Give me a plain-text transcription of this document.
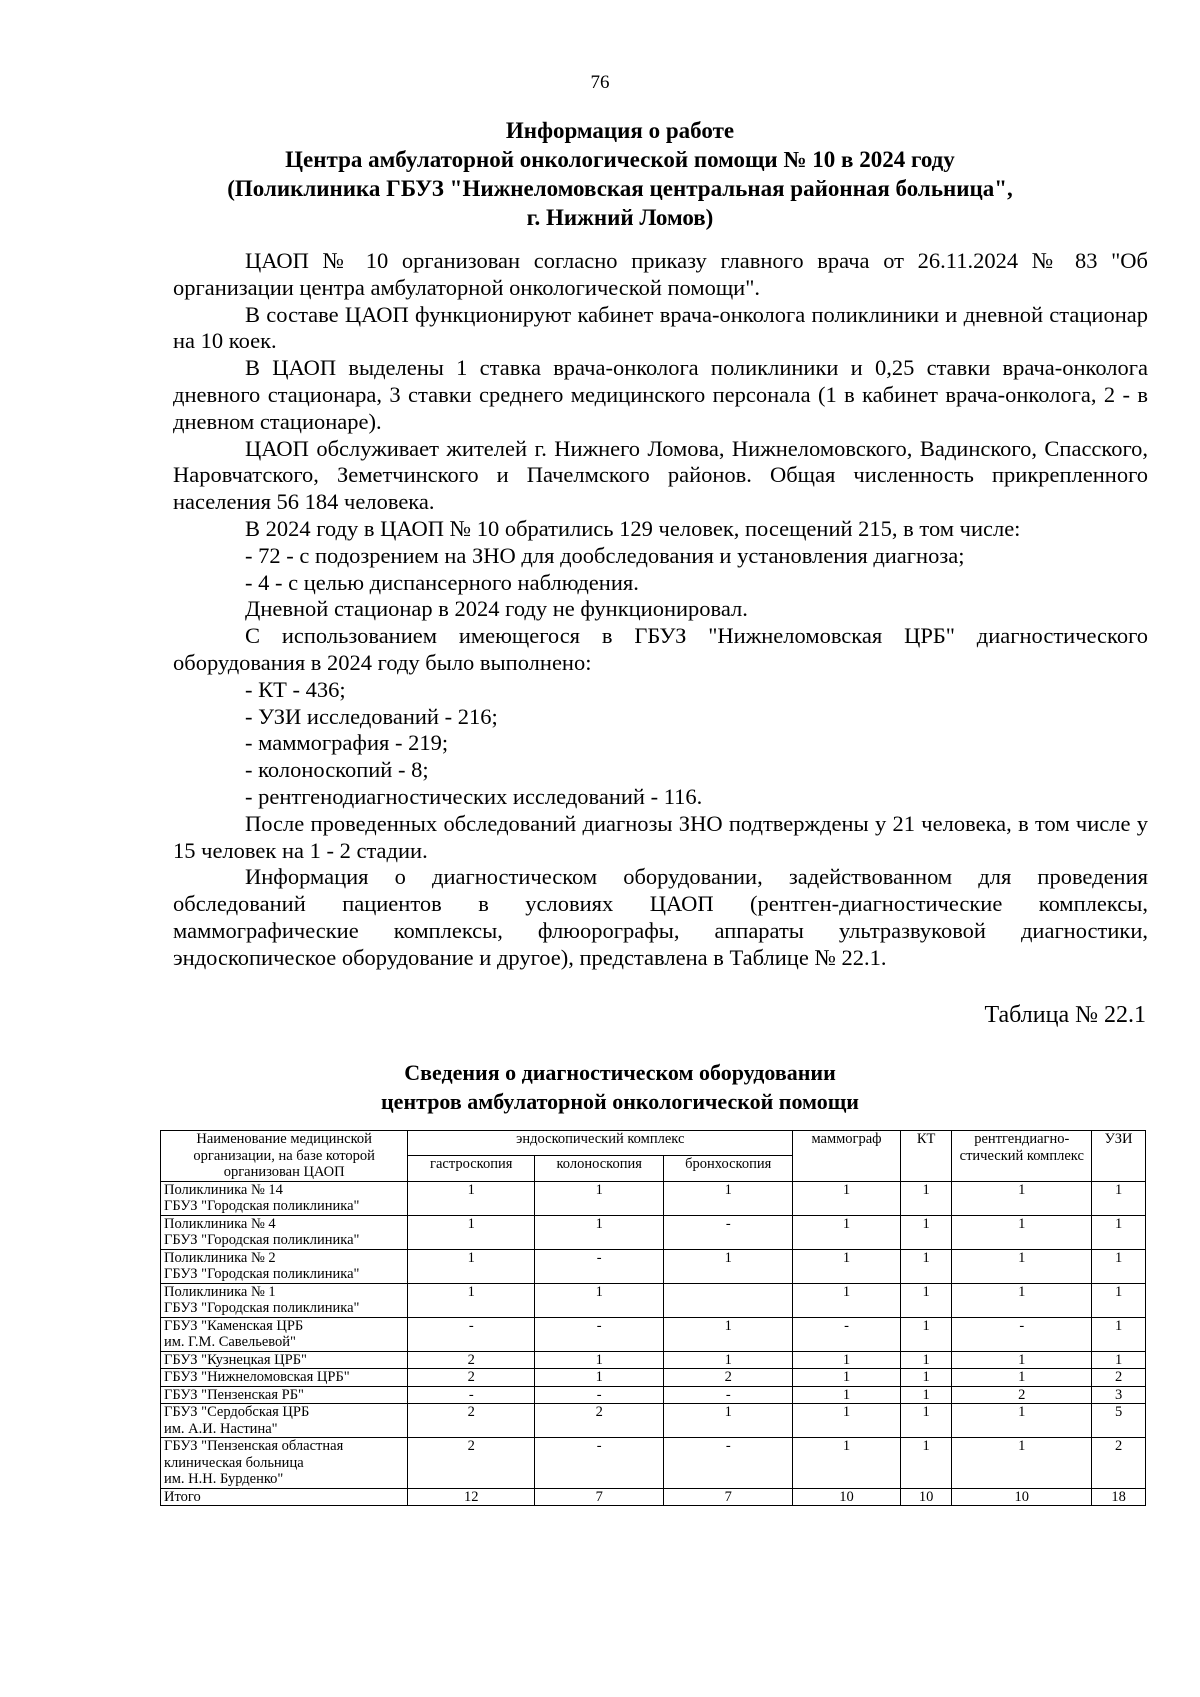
76
Информация о работе
Центра амбулаторной онкологической помощи № 10 в 2024 году
(Поликлиника ГБУЗ "Нижнеломовская центральная районная больница",
г. Нижний Ломов)

ЦАОП № 10 организован согласно приказу главного врача от 26.11.2024 № 83 "Об организации центра амбулаторной онкологической помощи".

В составе ЦАОП функционируют кабинет врача-онколога поликлиники и дневной стационар на 10 коек.

В ЦАОП выделены 1 ставка врача-онколога поликлиники и 0,25 ставки врача-онколога дневного стационара, 3 ставки среднего медицинского персонала (1 в кабинет врача-онколога, 2 - в дневном стационаре).

ЦАОП обслуживает жителей г. Нижнего Ломова, Нижнеломовского, Вадинского, Спасского, Наровчатского, Земетчинского и Пачелмского районов. Общая численность прикрепленного населения 56 184 человека.

В 2024 году в ЦАОП № 10 обратились 129 человек, посещений 215, в том числе:

- 72 - с подозрением на ЗНО для дообследования и установления диагноза;

- 4 - с целью диспансерного наблюдения.

Дневной стационар в 2024 году не функционировал.

С использованием имеющегося в ГБУЗ "Нижнеломовская ЦРБ" диагностического оборудования в 2024 году было выполнено:

- КТ - 436;

- УЗИ исследований - 216;

- маммография - 219;

- колоноскопий - 8;

- рентгенодиагностических исследований - 116.

После проведенных обследований диагнозы ЗНО подтверждены у 21 человека, в том числе у 15 человек на 1 - 2 стадии.

Информация о диагностическом оборудовании, задействованном для проведения обследований пациентов в условиях ЦАОП (рентген-диагностические комплексы, маммографические комплексы, флюорографы, аппараты ультразвуковой диагностики, эндоскопическое оборудование и другое), представлена в Таблице № 22.1.

Таблица № 22.1
Сведения о диагностическом оборудовании
центров амбулаторной онкологической помощи
Наименование медицинской организации, на базе которой организован ЦАОП	эндоскопический комплекс			маммограф	КТ	рентгендиагно-стический комплекс	УЗИ
	гастроскопия	колоноскопия	бронхоскопия				
Поликлиника № 14
ГБУЗ "Городская поликлиника"	1	1	1	1	1	1	1
Поликлиника № 4
ГБУЗ "Городская поликлиника"	1	1	-	1	1	1	1
Поликлиника № 2
ГБУЗ "Городская поликлиника"	1	-	1	1	1	1	1
Поликлиника № 1
ГБУЗ "Городская поликлиника"	1	1		1	1	1	1
ГБУЗ "Каменская ЦРБ
им. Г.М. Савельевой"	-	-	1	-	1	-	1
ГБУЗ "Кузнецкая ЦРБ"	2	1	1	1	1	1	1
ГБУЗ "Нижнеломовская ЦРБ"	2	1	2	1	1	1	2
ГБУЗ "Пензенская РБ"	-	-	-	1	1	2	3
ГБУЗ "Сердобская ЦРБ
им. А.И. Настина"	2	2	1	1	1	1	5
ГБУЗ "Пензенская областная
клиническая больница
им. Н.Н. Бурденко"	2	-	-	1	1	1	2
Итого	12	7	7	10	10	10	18
